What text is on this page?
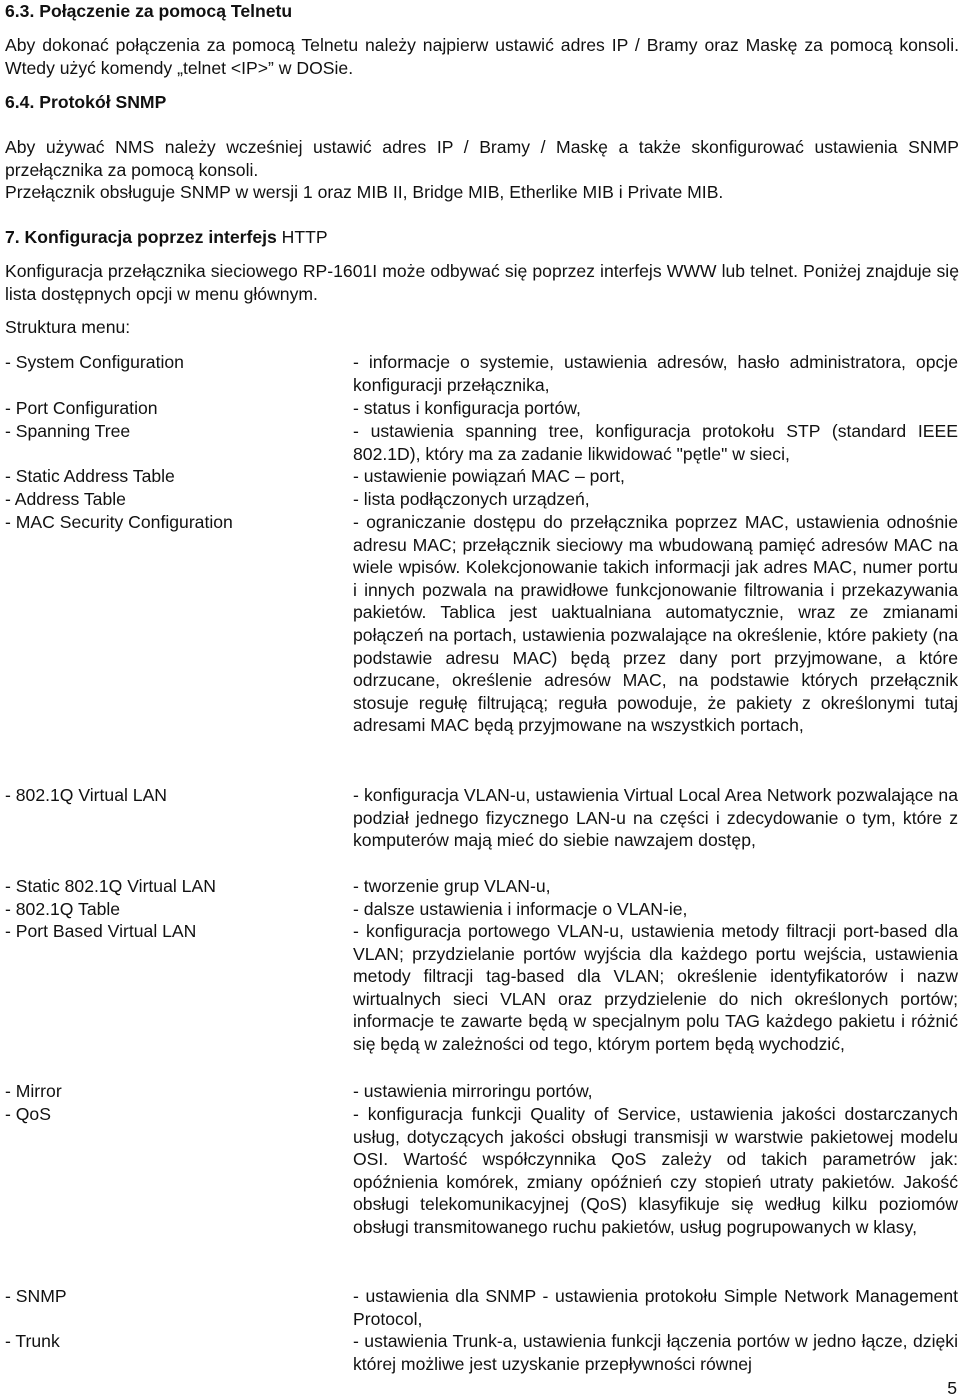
6.3. Połączenie za pomocą Telnetu

Aby dokonać połączenia za pomocą Telnetu należy najpierw ustawić adres IP / Bramy oraz Maskę za pomocą konsoli. Wtedy użyć komendy „telnet <IP>” w DOSie.

6.4. Protokół SNMP

Aby używać NMS należy wcześniej ustawić adres IP / Bramy / Maskę a także skonfigurować ustawienia SNMP przełącznika za pomocą konsoli.

Przełącznik obsługuje SNMP w wersji 1 oraz MIB II, Bridge MIB, Etherlike MIB i Private MIB.

7. Konfiguracja poprzez interfejs HTTP

Konfiguracja przełącznika sieciowego RP-1601I może odbywać się poprzez interfejs WWW lub telnet. Poniżej znajduje się lista dostępnych opcji w menu głównym.

Struktura menu:

- System Configuration	- informacje o systemie, ustawienia adresów, hasło administratora, opcje konfiguracji przełącznika,
- Port Configuration	- status i konfiguracja portów,
- Spanning Tree	- ustawienia spanning tree, konfiguracja protokołu STP (standard IEEE 802.1D), który ma za zadanie likwidować "pętle" w sieci,
- Static Address Table	- ustawienie powiązań MAC – port,
- Address Table	- lista podłączonych urządzeń,
- MAC Security Configuration	- ograniczanie dostępu do przełącznika poprzez MAC, ustawienia odnośnie adresu MAC; przełącznik sieciowy ma wbudowaną pamięć adresów MAC na wiele wpisów. Kolekcjonowanie takich informacji jak adres MAC, numer portu i innych pozwala na prawidłowe funkcjonowanie filtrowania i przekazywania pakietów. Tablica jest uaktualniana automatycznie, wraz ze zmianami połączeń na portach, ustawienia pozwalające na określenie, które pakiety (na podstawie adresu MAC) będą przez dany port przyjmowane, a które odrzucane, określenie adresów MAC, na podstawie których przełącznik stosuje regułę filtrującą; reguła powoduje, że pakiety z określonymi tutaj adresami MAC będą przyjmowane na wszystkich portach,
- 802.1Q Virtual LAN	- konfiguracja VLAN-u, ustawienia Virtual Local Area Network pozwalające na podział jednego fizycznego LAN-u na części i zdecydowanie o tym, które z komputerów mają mieć do siebie nawzajem dostęp,
- Static 802.1Q Virtual LAN	- tworzenie grup VLAN-u,
- 802.1Q Table	- dalsze ustawienia i informacje o VLAN-ie,
- Port Based Virtual LAN	- konfiguracja portowego VLAN-u, ustawienia metody filtracji port-based dla VLAN; przydzielanie portów wyjścia dla każdego portu wejścia, ustawienia metody filtracji tag-based dla VLAN; określenie identyfikatorów i nazw wirtualnych sieci VLAN oraz przydzielenie do nich określonych portów; informacje te zawarte będą w specjalnym polu TAG każdego pakietu i różnić się będą w zależności od tego, którym portem będą wychodzić,
- Mirror	- ustawienia mirroringu portów,
- QoS	- konfiguracja funkcji Quality of Service, ustawienia jakości dostarczanych usług, dotyczących jakości obsługi transmisji w warstwie pakietowej modelu OSI. Wartość współczynnika QoS zależy od takich parametrów jak: opóźnienia komórek, zmiany opóźnień czy stopień utraty pakietów. Jakość obsługi telekomunikacyjnej (QoS) klasyfikuje się według kilku poziomów obsługi transmitowanego ruchu pakietów, usług pogrupowanych w klasy,
- SNMP	- ustawienia dla SNMP - ustawienia protokołu Simple Network Management Protocol,
- Trunk	- ustawienia Trunk-a, ustawienia funkcji łączenia portów w jedno łącze, dzięki której możliwe jest uzyskanie przepływności równej
5
